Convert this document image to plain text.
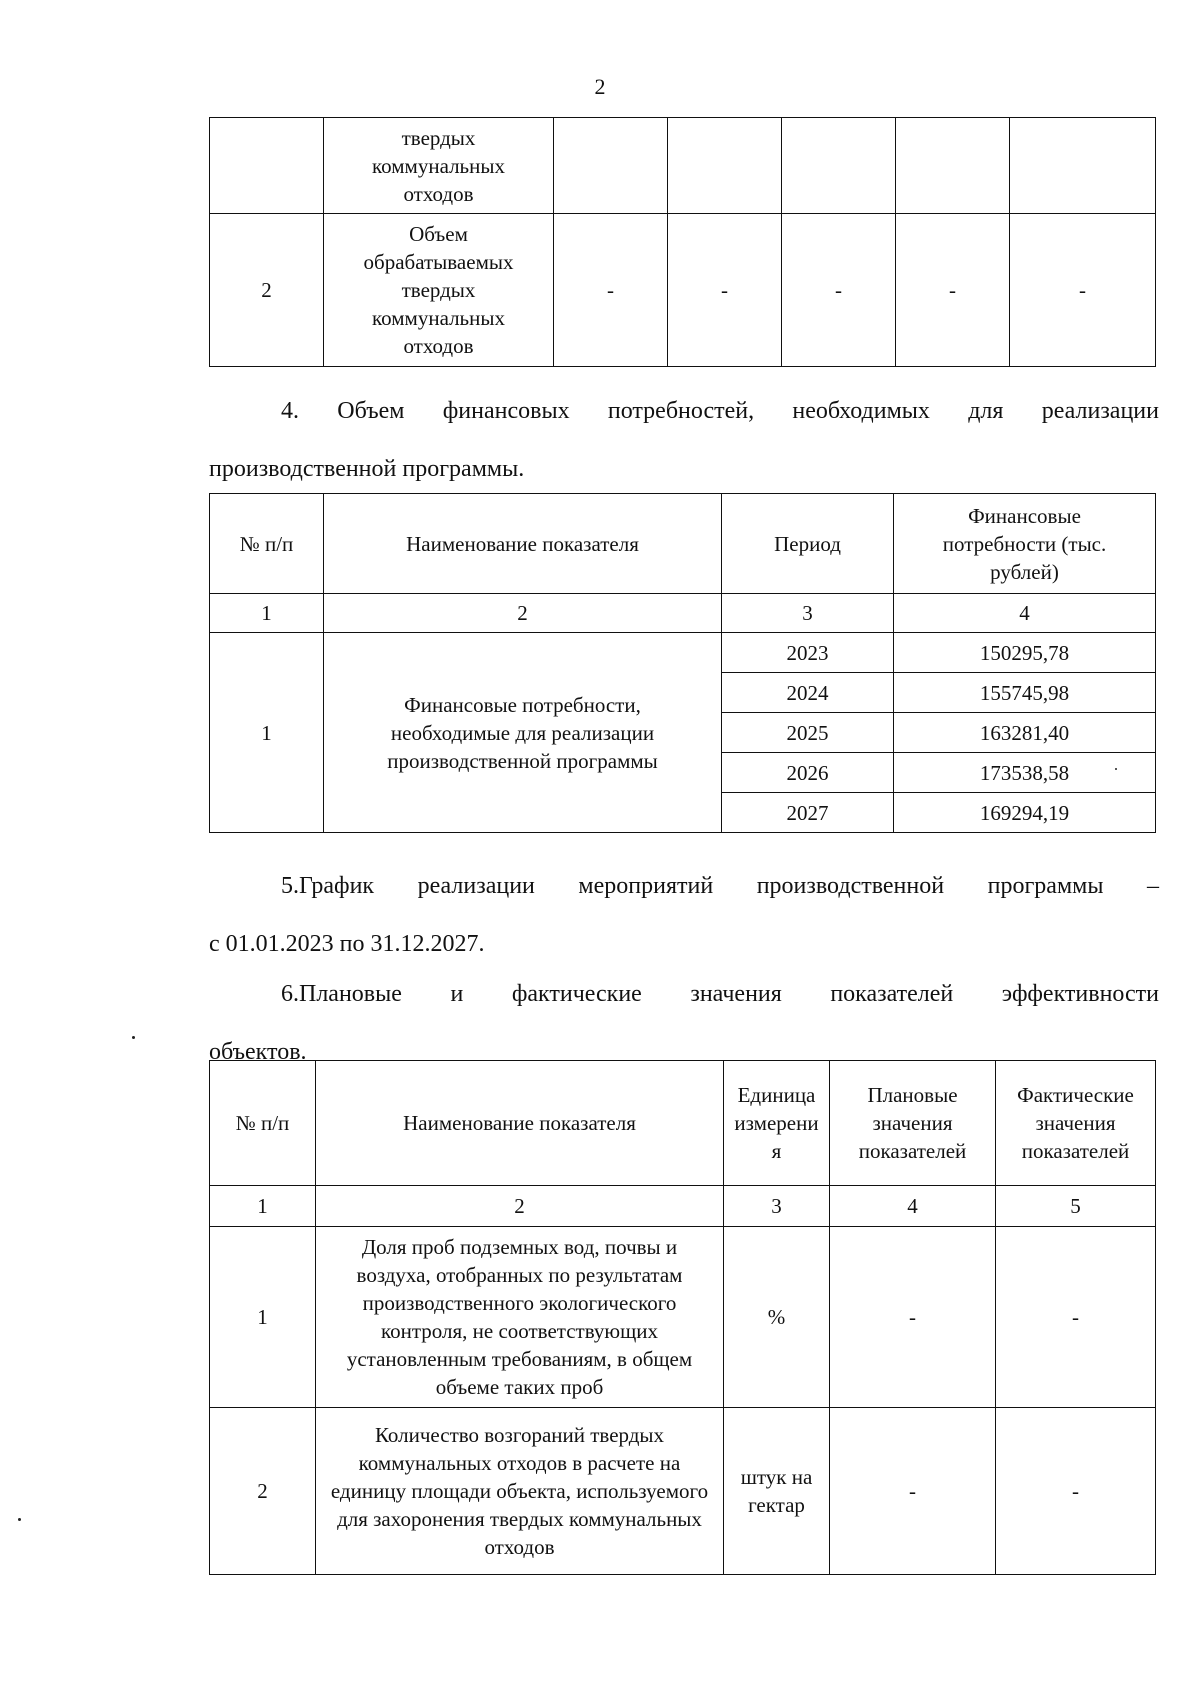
2

	твердых
коммунальных
отходов					

2	Объем
обрабатываемых
твердых
коммунальных
отходов	-	-	-	-	-
4. Объем финансовых потребностей, необходимых для реализации
производственной программы.
№ п/п	Наименование показателя	Период	Финансовые потребности (тыс. рублей)
1	2	3	4
1	Финансовые потребности, необходимые для реализации производственной программы	2023	150295,78
		2024	155745,98
		2025	163281,40
		2026	173538,58
		2027	169294,19
5.График реализации мероприятий производственной программы –
с 01.01.2023 по 31.12.2027.
6.Плановые и фактические значения показателей эффективности
объектов.
№ п/п	Наименование показателя	Единица измерения	Плановые значения показателей	Фактические значения показателей
1	2	3	4	5
1	Доля проб подземных вод, почвы и воздуха, отобранных по результатам производственного экологического контроля, не соответствующих установленным требованиям, в общем объеме таких проб	%	-	-
2	Количество возгораний твердых коммунальных отходов в расчете на единицу площади объекта, используемого для захоронения твердых коммунальных отходов	штук на гектар	-	-
